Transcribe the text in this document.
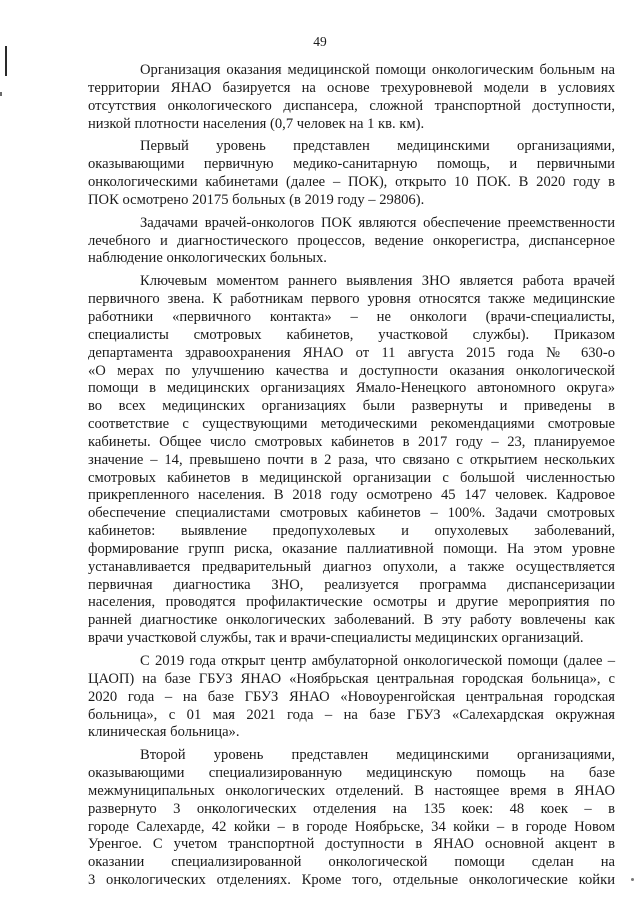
49
Организация оказания медицинской помощи онкологическим больным на
территории ЯНАО базируется на основе трехуровневой модели в условиях
отсутствия онкологического диспансера, сложной транспортной доступности,
низкой плотности населения (0,7 человек на 1 кв. км).
Первый уровень представлен медицинскими организациями,
оказывающими первичную медико-санитарную помощь, и первичными
онкологическими кабинетами (далее – ПОК), открыто 10 ПОК. В 2020 году в
ПОК осмотрено 20175 больных (в 2019 году – 29806).
Задачами врачей-онкологов ПОК являются обеспечение преемственности
лечебного и диагностического процессов, ведение онкорегистра, диспансерное
наблюдение онкологических больных.
Ключевым моментом раннего выявления ЗНО является работа врачей
первичного звена. К работникам первого уровня относятся также медицинские
работники «первичного контакта» – не онкологи (врачи-специалисты,
специалисты смотровых кабинетов, участковой службы). Приказом
департамента здравоохранения ЯНАО от 11 августа 2015 года № 630-о
«О мерах по улучшению качества и доступности оказания онкологической
помощи в медицинских организациях Ямало-Ненецкого автономного округа»
во всех медицинских организациях были развернуты и приведены в
соответствие с существующими методическими рекомендациями смотровые
кабинеты. Общее число смотровых кабинетов в 2017 году – 23, планируемое
значение – 14, превышено почти в 2 раза, что связано с открытием нескольких
смотровых кабинетов в медицинской организации с большой численностью
прикрепленного населения. В 2018 году осмотрено 45 147 человек. Кадровое
обеспечение специалистами смотровых кабинетов – 100%. Задачи смотровых
кабинетов: выявление предопухолевых и опухолевых заболеваний,
формирование групп риска, оказание паллиативной помощи. На этом уровне
устанавливается предварительный диагноз опухоли, а также осуществляется
первичная диагностика ЗНО, реализуется программа диспансеризации
населения, проводятся профилактические осмотры и другие мероприятия по
ранней диагностике онкологических заболеваний. В эту работу вовлечены как
врачи участковой службы, так и врачи-специалисты медицинских организаций.
С 2019 года открыт центр амбулаторной онкологической помощи (далее –
ЦАОП) на базе ГБУЗ ЯНАО «Ноябрьская центральная городская больница», с
2020 года – на базе ГБУЗ ЯНАО «Новоуренгойская центральная городская
больница», с 01 мая 2021 года – на базе ГБУЗ «Салехардская окружная
клиническая больница».
Второй уровень представлен медицинскими организациями,
оказывающими специализированную медицинскую помощь на базе
межмуниципальных онкологических отделений. В настоящее время в ЯНАО
развернуто 3 онкологических отделения на 135 коек: 48 коек – в
городе Салехарде, 42 койки – в городе Ноябрьске, 34 койки – в городе Новом
Уренгое. С учетом транспортной доступности в ЯНАО основной акцент в
оказании специализированной онкологической помощи сделан на
3 онкологических отделениях. Кроме того, отдельные онкологические койки
